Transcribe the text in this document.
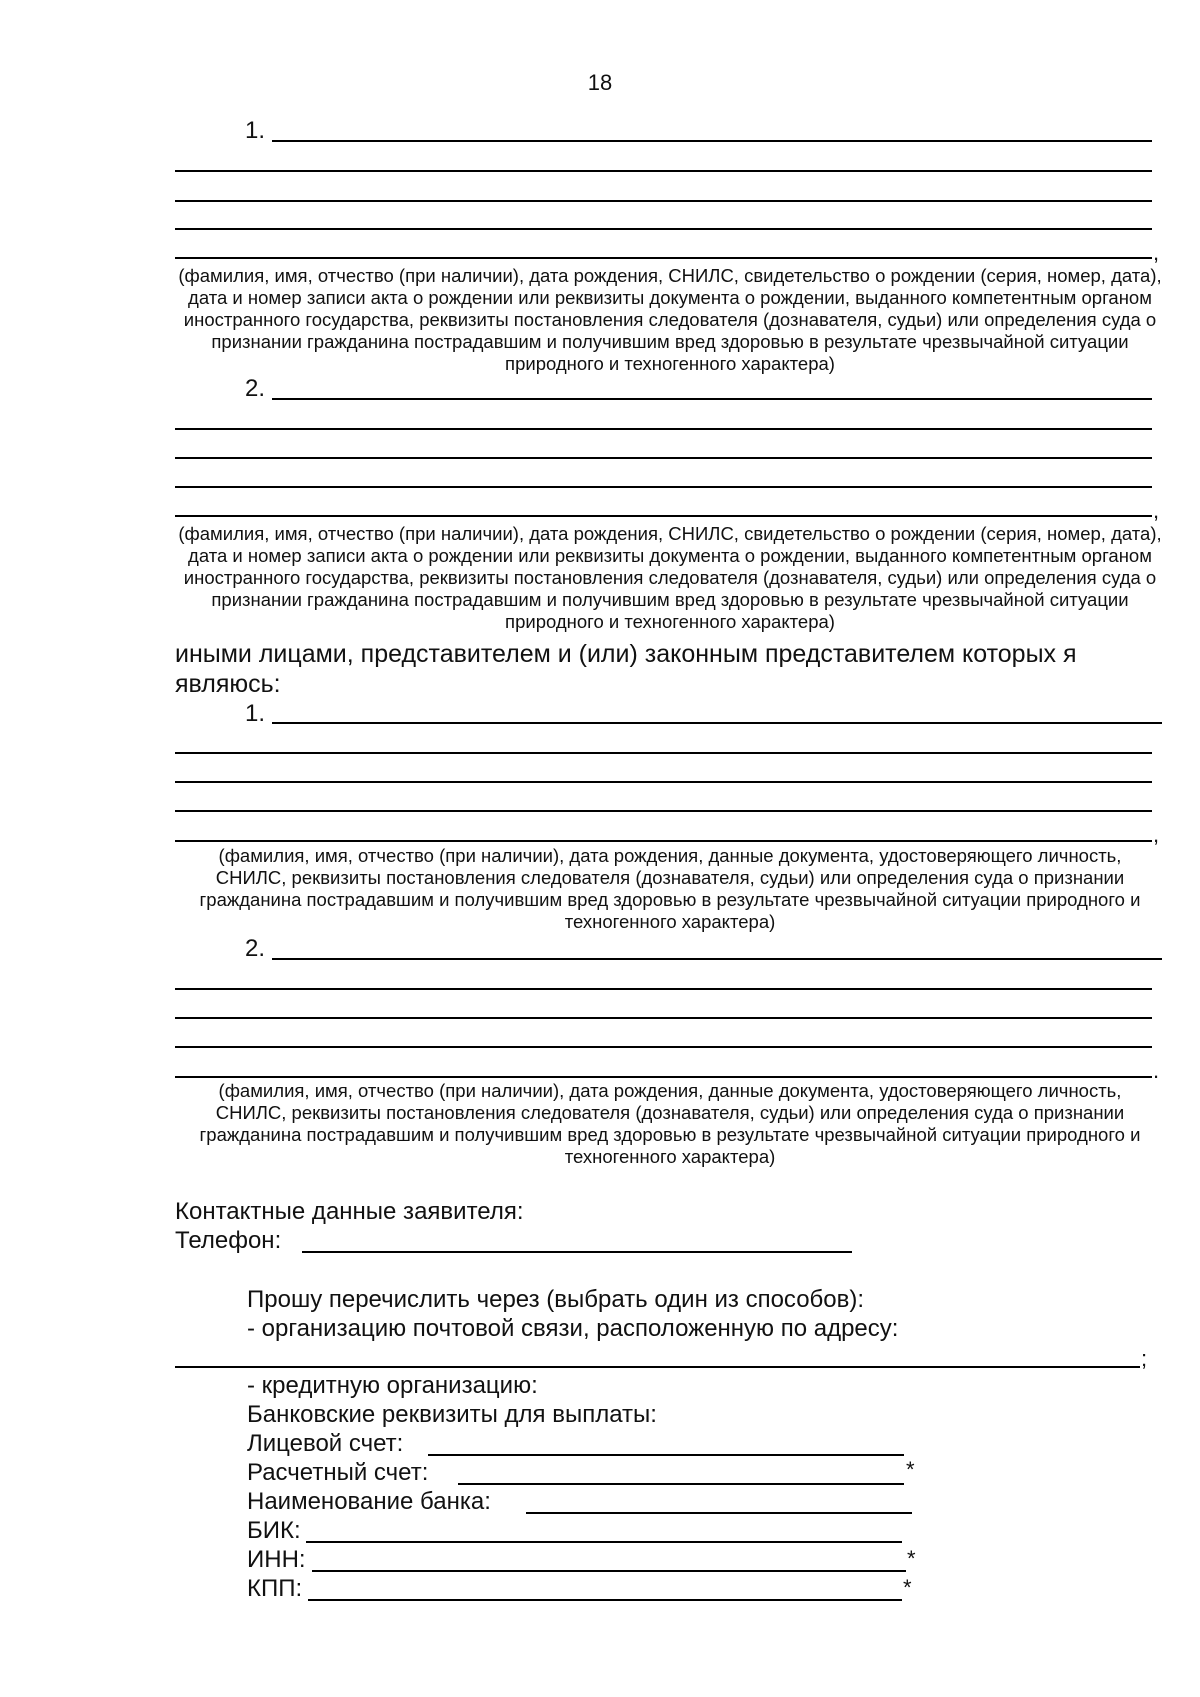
18
1.
,
(фамилия, имя, отчество (при наличии), дата рождения, СНИЛС, свидетельство о рождении (серия, номер, дата), дата и номер записи акта о рождении или реквизиты документа о рождении, выданного компетентным органом иностранного государства, реквизиты постановления следователя (дознавателя, судьи) или определения суда о признании гражданина пострадавшим и получившим вред здоровью в результате чрезвычайной ситуации природного и техногенного характера)
2.
,
(фамилия, имя, отчество (при наличии), дата рождения, СНИЛС, свидетельство о рождении (серия, номер, дата), дата и номер записи акта о рождении или реквизиты документа о рождении, выданного компетентным органом иностранного государства, реквизиты постановления следователя (дознавателя, судьи) или определения суда о признании гражданина пострадавшим и получившим вред здоровью в результате чрезвычайной ситуации природного и техногенного характера)
иными лицами, представителем и (или) законным представителем которых я
являюсь:
1.
,
(фамилия, имя, отчество (при наличии), дата рождения, данные документа, удостоверяющего личность, СНИЛС, реквизиты постановления следователя (дознавателя, судьи) или определения суда о признании гражданина пострадавшим и получившим вред здоровью в результате чрезвычайной ситуации природного и техногенного характера)
2.
.
(фамилия, имя, отчество (при наличии), дата рождения, данные документа, удостоверяющего личность, СНИЛС, реквизиты постановления следователя (дознавателя, судьи) или определения суда о признании гражданина пострадавшим и получившим вред здоровью в результате чрезвычайной ситуации природного и техногенного характера)
Контактные данные заявителя:
Телефон:
Прошу перечислить через (выбрать один из способов):
- организацию почтовой связи, расположенную по адресу:
;
- кредитную организацию:
Банковские реквизиты для выплаты:
Лицевой счет:
Расчетный счет:	*
Наименование банка:
БИК:
ИНН:	*
КПП:	*
